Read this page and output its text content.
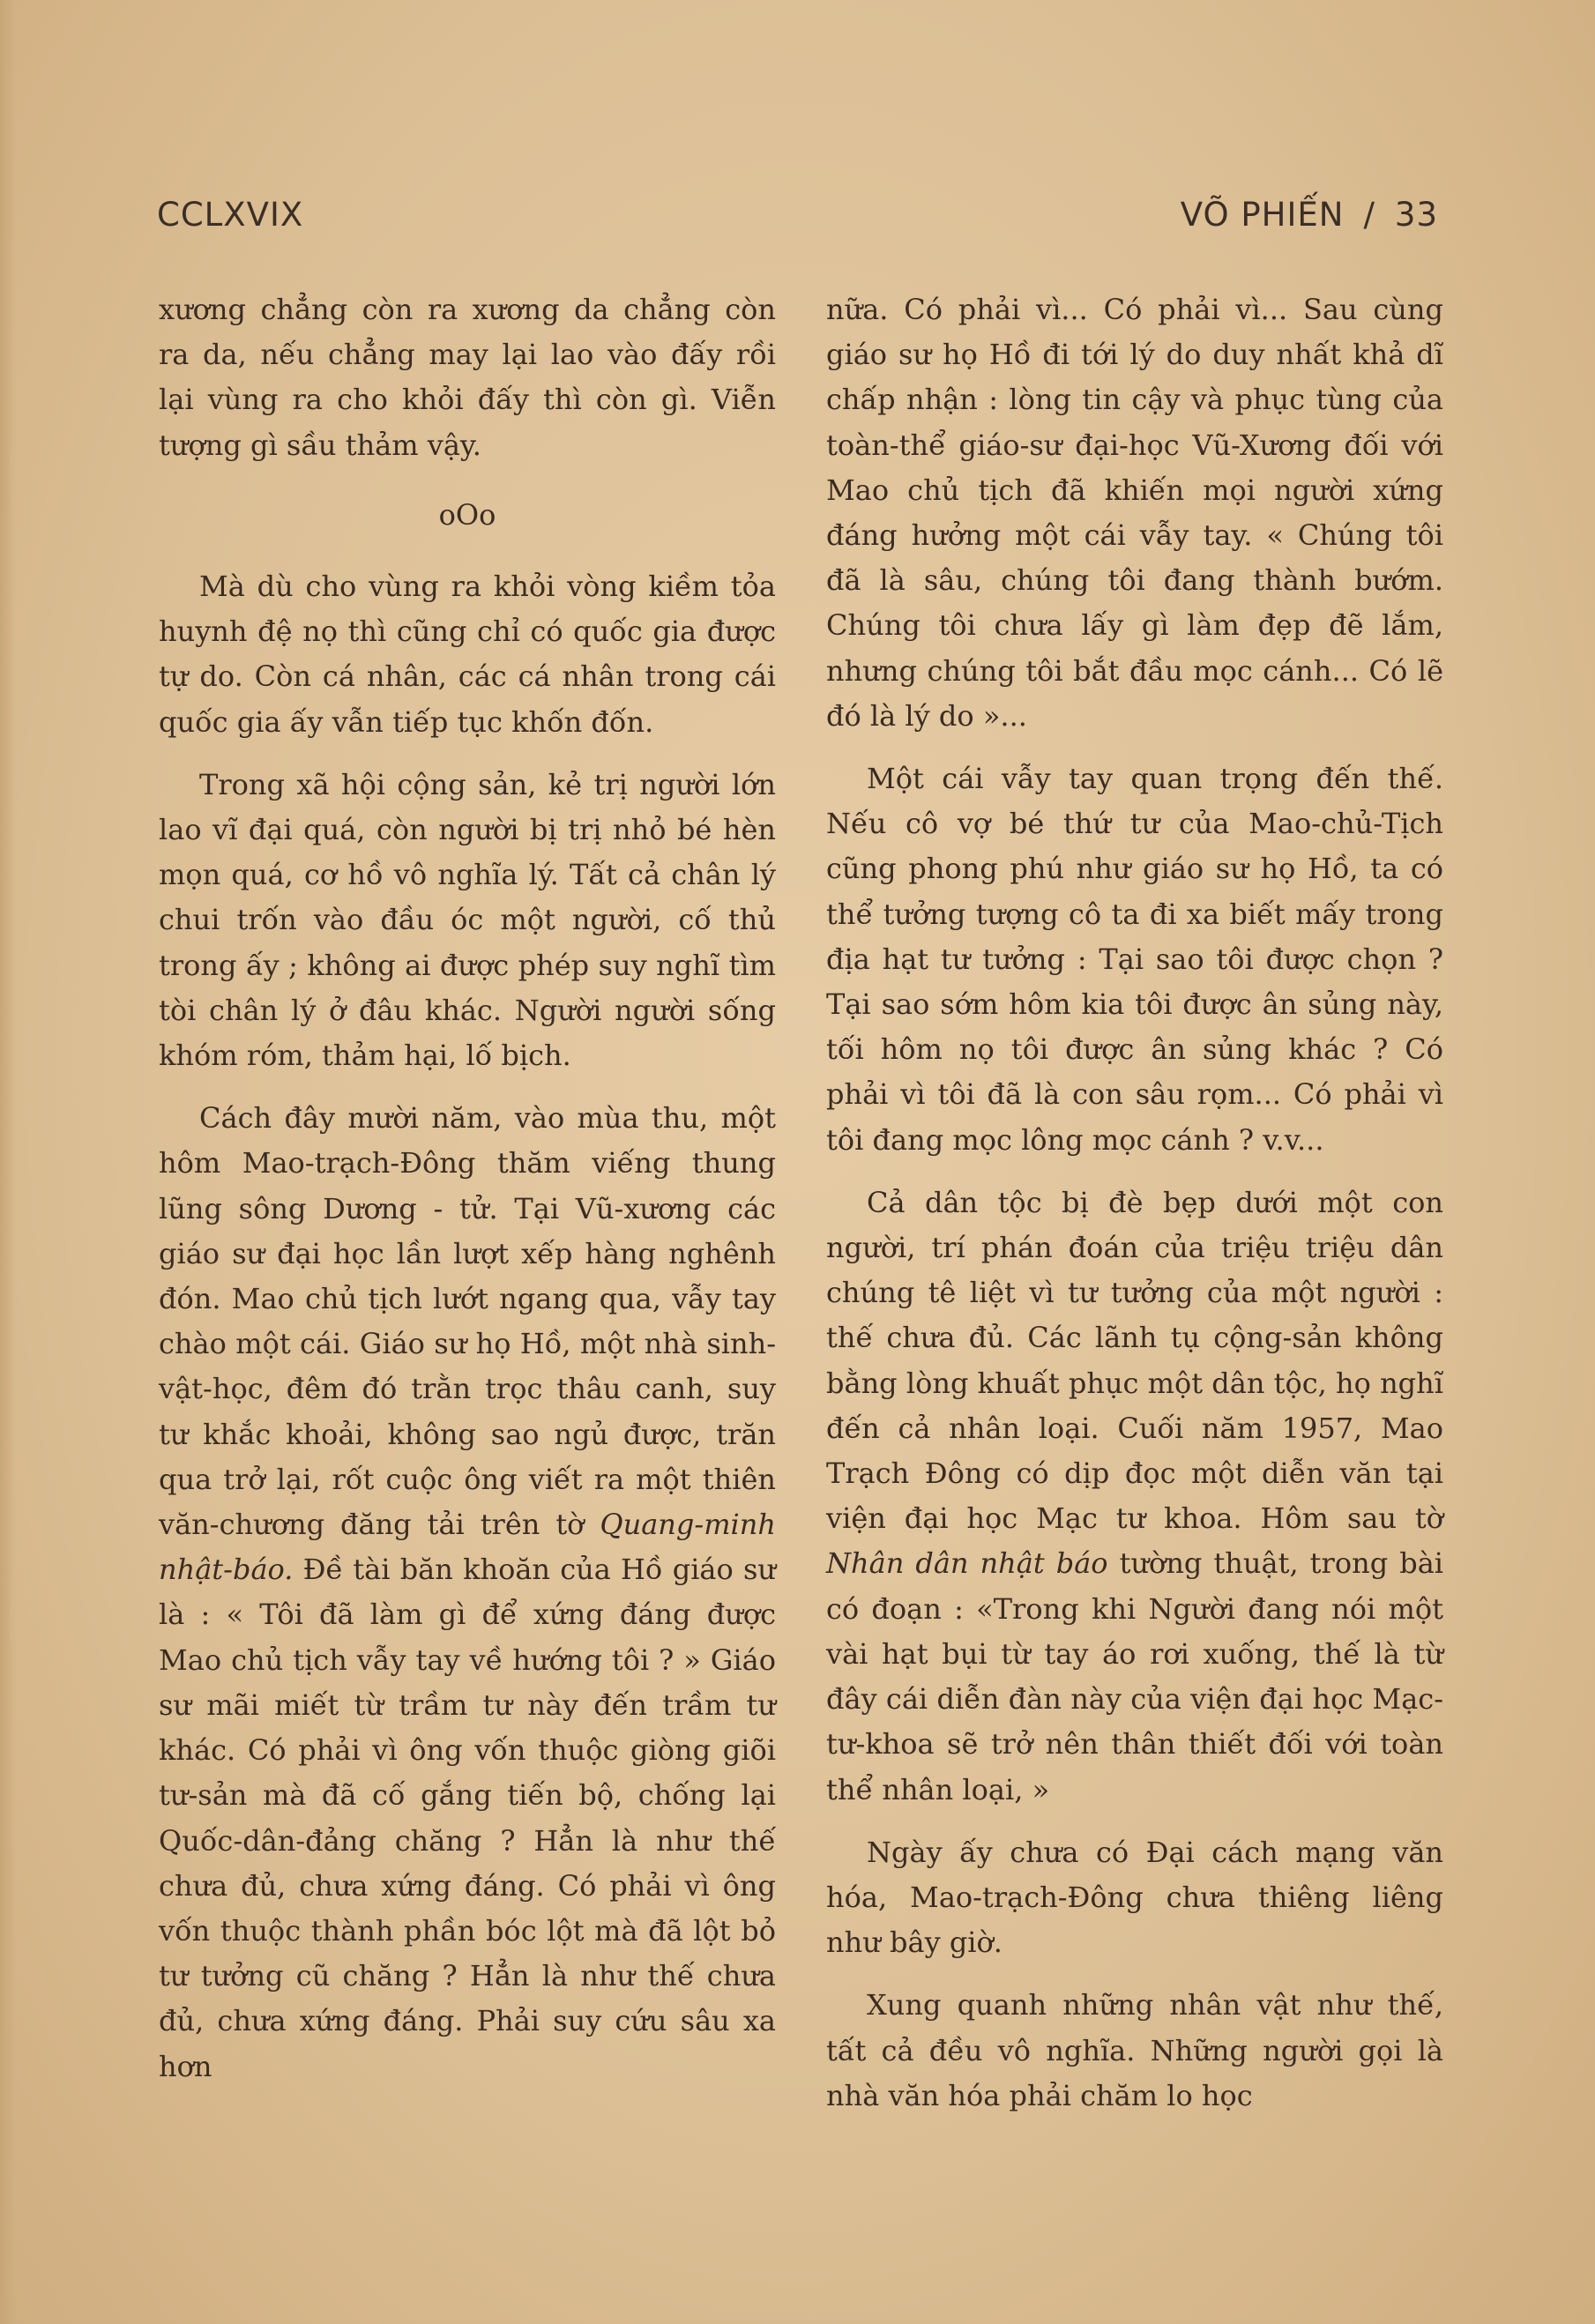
CCLXVIX	VÕ PHIẾN / 33

xương chẳng còn ra xương da chẳng còn ra da, nếu chẳng may lại lao vào đấy rồi lại vùng ra cho khỏi đấy thì còn gì. Viễn tượng gì sầu thảm vậy.

oOo

Mà dù cho vùng ra khỏi vòng kiềm tỏa huynh đệ nọ thì cũng chỉ có quốc gia được tự do. Còn cá nhân, các cá nhân trong cái quốc gia ấy vẫn tiếp tục khốn đốn.

Trong xã hội cộng sản, kẻ trị người lớn lao vĩ đại quá, còn người bị trị nhỏ bé hèn mọn quá, cơ hồ vô nghĩa lý. Tất cả chân lý chui trốn vào đầu óc một người, cố thủ trong ấy ; không ai được phép suy nghĩ tìm tòi chân lý ở đâu khác. Người người sống khóm róm, thảm hại, lố bịch.

Cách đây mười năm, vào mùa thu, một hôm Mao-trạch-Đông thăm viếng thung lũng sông Dương - tử. Tại Vũ-xương các giáo sư đại học lần lượt xếp hàng nghênh đón. Mao chủ tịch lướt ngang qua, vẫy tay chào một cái. Giáo sư họ Hồ, một nhà sinh-vật-học, đêm đó trằn trọc thâu canh, suy tư khắc khoải, không sao ngủ được, trăn qua trở lại, rốt cuộc ông viết ra một thiên văn-chương đăng tải trên tờ Quang-minh nhật-báo. Đề tài băn khoăn của Hồ giáo sư là : « Tôi đã làm gì để xứng đáng được Mao chủ tịch vẫy tay về hướng tôi ? » Giáo sư mãi miết từ trầm tư này đến trầm tư khác. Có phải vì ông vốn thuộc giòng giõi tư-sản mà đã cố gắng tiến bộ, chống lại Quốc-dân-đảng chăng ? Hẳn là như thế chưa đủ, chưa xứng đáng. Có phải vì ông vốn thuộc thành phần bóc lột mà đã lột bỏ tư tưởng cũ chăng ? Hẳn là như thế chưa đủ, chưa xứng đáng. Phải suy cứu sâu xa hơn

nữa. Có phải vì... Có phải vì... Sau cùng giáo sư họ Hồ đi tới lý do duy nhất khả dĩ chấp nhận : lòng tin cậy và phục tùng của toàn-thể giáo-sư đại-học Vũ-Xương đối với Mao chủ tịch đã khiến mọi người xứng đáng hưởng một cái vẫy tay. « Chúng tôi đã là sâu, chúng tôi đang thành bướm. Chúng tôi chưa lấy gì làm đẹp đẽ lắm, nhưng chúng tôi bắt đầu mọc cánh... Có lẽ đó là lý do »...

Một cái vẫy tay quan trọng đến thế. Nếu cô vợ bé thứ tư của Mao-chủ-Tịch cũng phong phú như giáo sư họ Hồ, ta có thể tưởng tượng cô ta đi xa biết mấy trong địa hạt tư tưởng : Tại sao tôi được chọn ? Tại sao sớm hôm kia tôi được ân sủng này, tối hôm nọ tôi được ân sủng khác ? Có phải vì tôi đã là con sâu rọm... Có phải vì tôi đang mọc lông mọc cánh ? v.v...

Cả dân tộc bị đè bẹp dưới một con người, trí phán đoán của triệu triệu dân chúng tê liệt vì tư tưởng của một người : thế chưa đủ. Các lãnh tụ cộng-sản không bằng lòng khuất phục một dân tộc, họ nghĩ đến cả nhân loại. Cuối năm 1957, Mao Trạch Đông có dịp đọc một diễn văn tại viện đại học Mạc tư khoa. Hôm sau tờ Nhân dân nhật báo tường thuật, trong bài có đoạn : «Trong khi Người đang nói một vài hạt bụi từ tay áo rơi xuống, thế là từ đây cái diễn đàn này của viện đại học Mạc-tư-khoa sẽ trở nên thân thiết đối với toàn thể nhân loại, »

Ngày ấy chưa có Đại cách mạng văn hóa, Mao-trạch-Đông chưa thiêng liêng như bây giờ.

Xung quanh những nhân vật như thế, tất cả đều vô nghĩa. Những người gọi là nhà văn hóa phải chăm lo học
